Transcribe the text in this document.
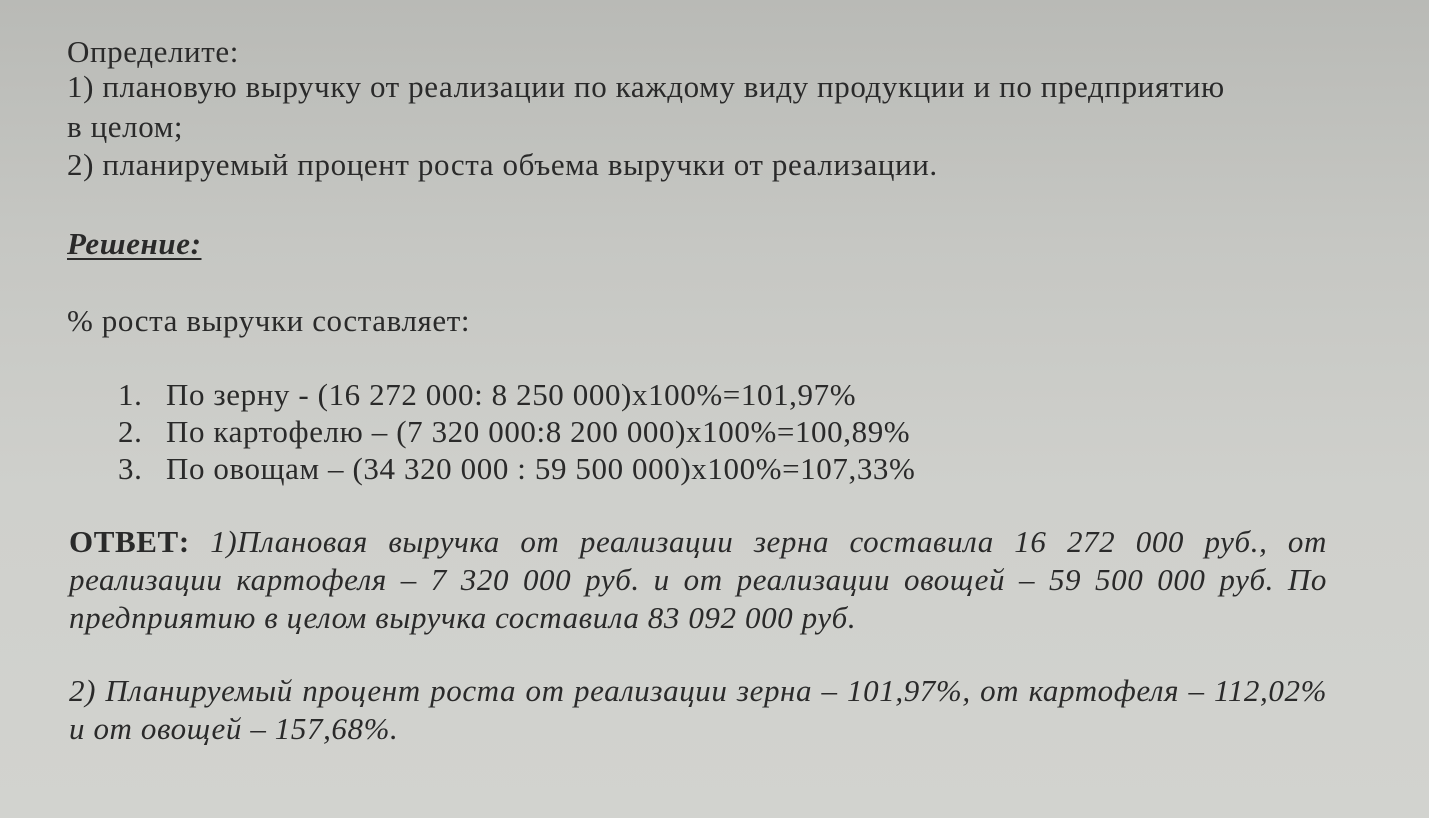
Определите:
1) плановую выручку от реализации по каждому виду продукции и по предприятию
в целом;
2) планируемый процент роста объема выручки от реализации.
Решение:
% роста выручки составляет:
1. По зерну - (16 272 000: 8 250 000)х100%=101,97%
2. По картофелю – (7 320 000:8 200 000)х100%=100,89%
3. По овощам – (34 320 000 : 59 500 000)х100%=107,33%
ОТВЕТ: 1)Плановая выручка от реализации зерна составила 16 272 000 руб., от
реализации картофеля – 7 320 000 руб. и от реализации овощей – 59 500 000 руб. По
предприятию в целом выручка составила 83 092 000 руб.
2) Планируемый процент роста от реализации зерна – 101,97%, от картофеля – 112,02%
и от овощей – 157,68%.
